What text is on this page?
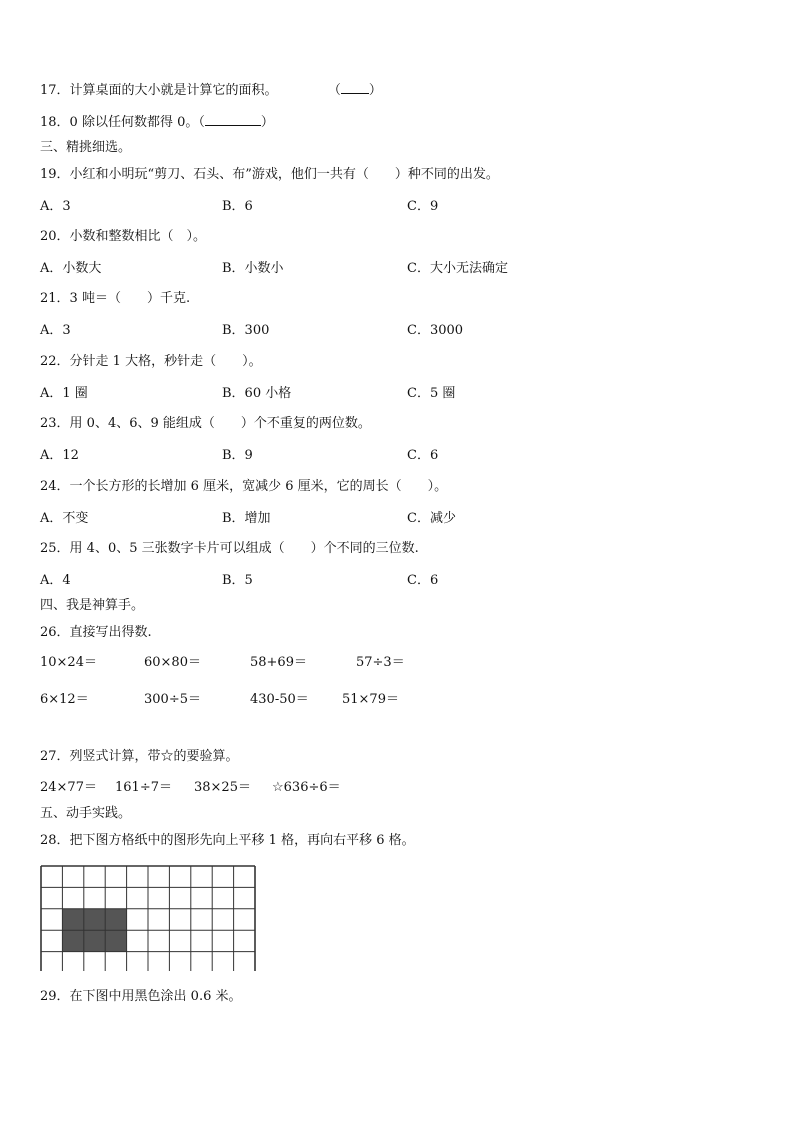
17．计算桌面的大小就是计算它的面积。	（ ）
18．0 除以任何数都得 0。（	）
三、精挑细选。
19．小红和小明玩“剪刀、石头、布”游戏，他们一共有（　　）种不同的出发。
A．3	B．6	C．9
20．小数和整数相比（　）。
A．小数大	B．小数小	C．大小无法确定
21．3 吨＝（　　）千克.
A．3	B．300	C．3000
22．分针走 1 大格，秒针走（　　）。
A．1 圈	B．60 小格	C．5 圈
23．用 0、4、6、9 能组成（　　）个不重复的两位数。
A．12	B．9	C．6
24．一个长方形的长增加 6 厘米，宽减少 6 厘米，它的周长（　　）。
A．不变	B．增加	C．减少
25．用 4、0、5 三张数字卡片可以组成（　　）个不同的三位数.
A．4	B．5	C．6
四、我是神算手。
26．直接写出得数.
10×24＝	60×80＝	58+69＝	57÷3＝
6×12＝	300÷5＝	430-50＝	51×79＝
27．列竖式计算，带☆的要验算。
24×77＝ 161÷7＝ 38×25＝ ☆636÷6＝
五、动手实践。
28．把下图方格纸中的图形先向上平移 1 格，再向右平移 6 格。
29．在下图中用黑色涂出 0.6 米。
